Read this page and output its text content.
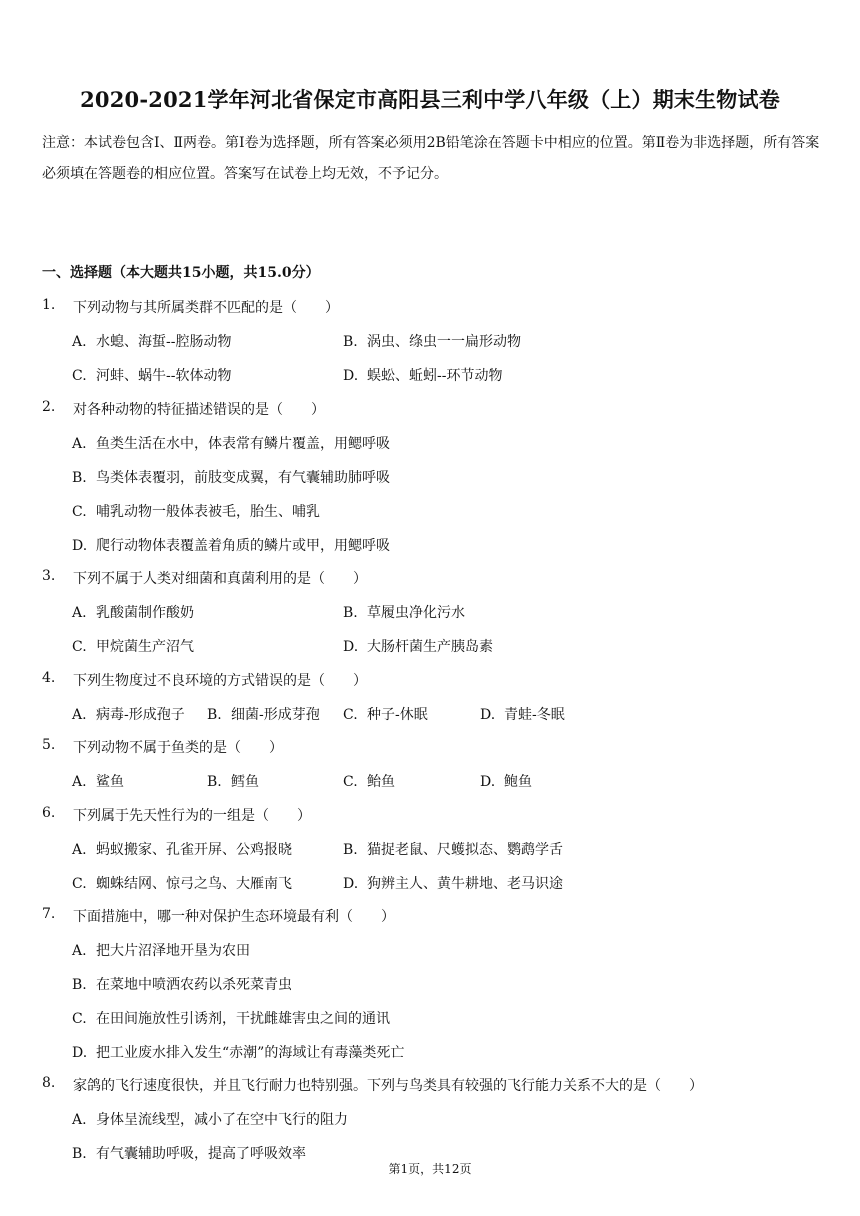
2020-2021学年河北省保定市高阳县三利中学八年级（上）期末生物试卷
注意：本试卷包含Ⅰ、Ⅱ两卷。第Ⅰ卷为选择题，所有答案必须用2B铅笔涂在答题卡中相应的位置。第Ⅱ卷为非选择题，所有答案必须填在答题卷的相应位置。答案写在试卷上均无效，不予记分。
一、选择题（本大题共15小题，共15.0分）
1. 下列动物与其所属类群不匹配的是（　　）
A. 水螅、海蜇--腔肠动物	B. 涡虫、绦虫一一扁形动物
C. 河蚌、蜗牛--软体动物	D. 蜈蚣、蚯蚓--环节动物
2. 对各种动物的特征描述错误的是（　　）
A. 鱼类生活在水中，体表常有鳞片覆盖，用鳃呼吸
B. 鸟类体表覆羽，前肢变成翼，有气囊辅助肺呼吸
C. 哺乳动物一般体表被毛，胎生、哺乳
D. 爬行动物体表覆盖着角质的鳞片或甲，用鳃呼吸
3. 下列不属于人类对细菌和真菌利用的是（　　）
A. 乳酸菌制作酸奶	B. 草履虫净化污水
C. 甲烷菌生产沼气	D. 大肠杆菌生产胰岛素
4. 下列生物度过不良环境的方式错误的是（　　）
A. 病毒-形成孢子 B. 细菌-形成芽孢 C. 种子-休眠	D. 青蛙-冬眠
5. 下列动物不属于鱼类的是（　　）
A. 鲨鱼	B. 鳕鱼	C. 鲐鱼	D. 鲍鱼
6. 下列属于先天性行为的一组是（　　）
A. 蚂蚁搬家、孔雀开屏、公鸡报晓	B. 猫捉老鼠、尺蠖拟态、鹦鹉学舌
C. 蜘蛛结网、惊弓之鸟、大雁南飞	D. 狗辨主人、黄牛耕地、老马识途
7. 下面措施中，哪一种对保护生态环境最有利（　　）
A. 把大片沼泽地开垦为农田
B. 在菜地中喷洒农药以杀死菜青虫
C. 在田间施放性引诱剂，干扰雌雄害虫之间的通讯
D. 把工业废水排入发生“赤潮”的海域让有毒藻类死亡
8. 家鸽的飞行速度很快，并且飞行耐力也特别强。下列与鸟类具有较强的飞行能力关系不大的是（　　）
A. 身体呈流线型，减小了在空中飞行的阻力
B. 有气囊辅助呼吸，提高了呼吸效率
第1页，共12页
